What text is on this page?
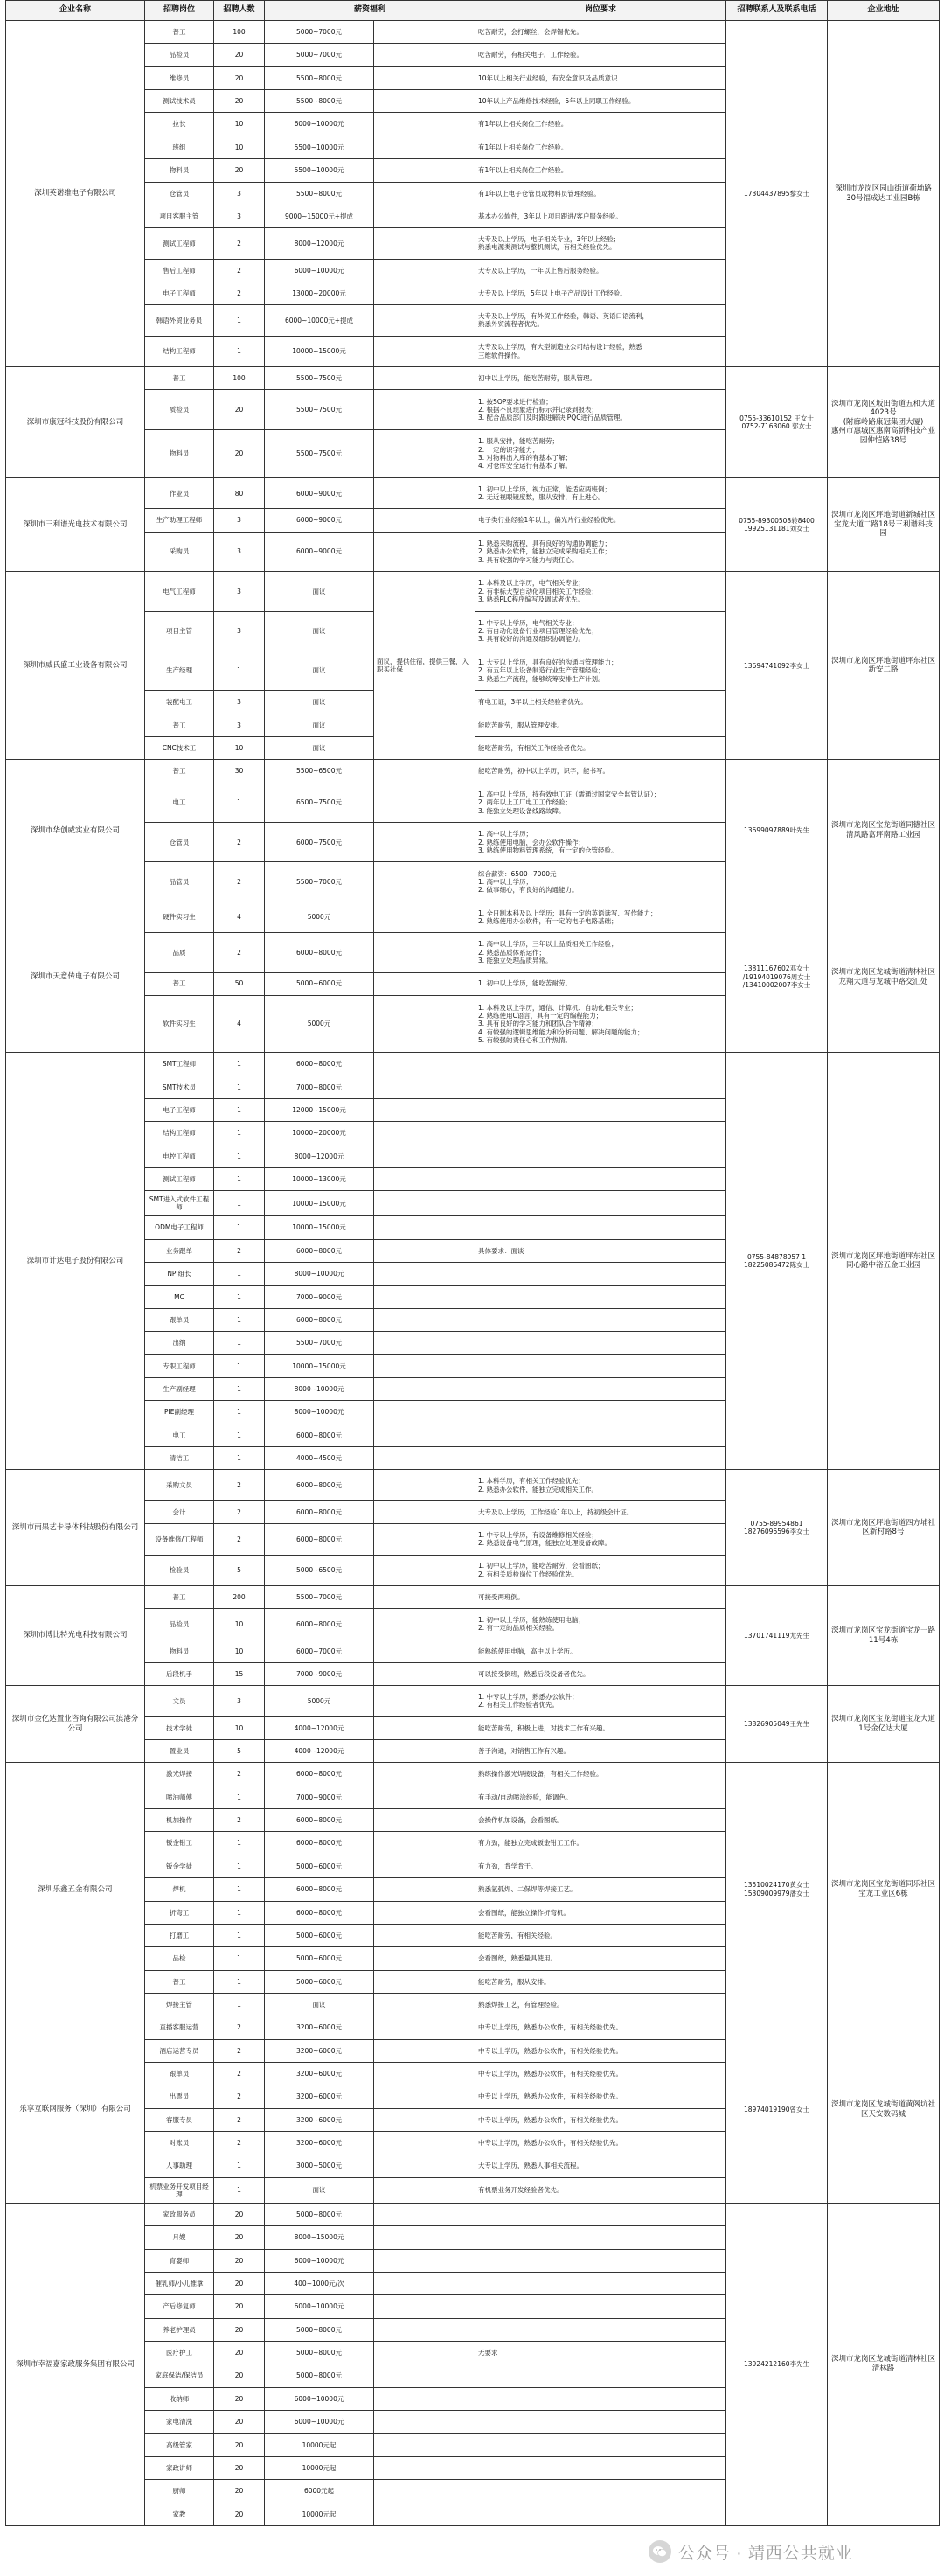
企业名称	招聘岗位	招聘人数	薪资福利		岗位要求	招聘联系人及联系电话	企业地址
深圳英诺维电子有限公司	普工	100	5000~7000元		吃苦耐劳，会打螺丝，会焊锡优先。	17304437895黎女士	深圳市龙岗区园山街道荷坳路30号福成达工业园B栋
	品检员	20	5000~7000元		吃苦耐劳，有相关电子厂工作经验。		

	维修员	20	5500~8000元		10年以上相关行业经验，有安全意识及品质意识		

	测试技术员	20	5500~8000元		10年以上产品维修技术经验，5年以上同职工作经验。		

	拉长	10	6000~10000元		有1年以上相关岗位工作经验。		

	班组	10	5500~10000元		有1年以上相关岗位工作经验。		

	物料员	20	5500~10000元		有1年以上相关岗位工作经验。		

	仓管员	3	5500~8000元		有1年以上电子仓管员或物料员管理经验。		

	项目客服主管	3	9000~15000元+提成		基本办公软件，3年以上项目跟进/客户服务经验。		

	测试工程师	2	8000~12000元		大专及以上学历，电子相关专业，3年以上经验；
熟悉电源类测试与整机测试，有相关经验优先。		

	售后工程师	2	6000~10000元		大专及以上学历，一年以上售后服务经验。		

	电子工程师	2	13000~20000元		大专及以上学历，5年以上电子产品设计工作经验。		

	韩语外贸业务员	1	6000~10000元+提成		大专及以上学历，有外贸工作经验，韩语、英语口语流利，
熟悉外贸流程者优先。		

	结构工程师	1	10000~15000元		大专及以上学历，有大型制造业公司结构设计经验，熟悉
三维软件操作。		

深圳市康冠科技股份有限公司	普工	100	5500~7500元		初中以上学历，能吃苦耐劳，服从管理。	0755-33610152 王女士
0752-7163060 郭女士	深圳市龙岗区坂田街道五和大道4023号
(附廊岭路康冠集团大厦)
惠州市惠城区惠南高新科技产业园仲恺路38号
	质检员	20	5500~7500元		1. 按SOP要求进行检查；
2. 根据不良现象进行标示并记录到报表；
3. 配合品质部门及时跟进解决IPQC进行品质管理。		

	物料员	20	5500~7500元		1. 服从安排，能吃苦耐劳；
2. 一定的识字能力；
3. 对物料出入库的有基本了解；
4. 对仓库安全运行有基本了解。		

深圳市三利谱光电技术有限公司	作业员	80	6000~9000元		1. 初中以上学历，视力正常，能适应两班倒；
2. 无近视眼镜度数，服从安排，有上进心。	0755-89300508转8400
19925131181刘女士	深圳市龙岗区坪地街道新城社区宝龙大道二路18号三利谱科技园
	生产助理工程师	3	6000~9000元		电子类行业经验1年以上，偏光片行业经验优先。		

	采购员	3	6000~9000元		1. 熟悉采购流程，具有良好的沟通协调能力；
2. 熟悉办公软件，能独立完成采购相关工作；
3. 具有较强的学习能力与责任心。		

深圳市威氏盛工业设备有限公司	电气工程师	3	面议	面议，提供住宿，提供三餐，入职买社保	1. 本科及以上学历，电气相关专业；
2. 有非标大型自动化项目相关工作经验；
3. 熟悉PLC程序编写及调试者优先。	13694741092李女士	深圳市龙岗区坪地街道坪东社区新安二路
	项目主管	3	面议		1. 中专以上学历，电气相关专业；
2. 有自动化设备行业项目管理经验优先；
3. 具有较好的沟通及组织协调能力。		

	生产经理	1	面议		1. 大专以上学历，具有良好的沟通与管理能力；
2. 有五年以上设备制造行业生产管理经验；
3. 熟悉生产流程，能够统筹安排生产计划。		

	装配电工	3	面议		有电工证，3年以上相关经验者优先。		

	普工	3	面议		能吃苦耐劳，服从管理安排。		

	CNC技术工	10	面议		能吃苦耐劳，有相关工作经验者优先。		

深圳市华创威实业有限公司	普工	30	5500~6500元		能吃苦耐劳，初中以上学历，识字，能书写。	13699097889叶先生	深圳市龙岗区宝龙街道同德社区清风路富坪南路工业园
	电工	1	6500~7500元		1. 高中以上学历，持有效电工证（需通过国家安全监管认证）；
2. 两年以上工厂电工工作经验；
3. 能独立处理设备线路故障。		

	仓管员	2	6000~7500元		1. 高中以上学历；
2. 熟练使用电脑，会办公软件操作；
3. 熟练使用物料管理系统，有一定的仓管经验。		

	品管员	2	5500~7000元		综合薪资：6500~7000元
1. 高中以上学历；
2. 做事细心，有良好的沟通能力。		

深圳市天意传电子有限公司	硬件实习生	4	5000元		1. 全日制本科及以上学历；具有一定的英语读写、写作能力；
2. 熟练使用办公软件，有一定的电子电路基础；	13811167602邓女士
/19194019076周女士
/13410002007李女士	深圳市龙岗区龙城街道清林社区龙翔大道与龙城中路交汇处
	品质	2	6000~8000元		1. 高中以上学历，三年以上品质相关工作经验；
2. 熟悉品质体系运作；
3. 能独立处理品质异常。		

	普工	50	5000~6000元		1. 初中以上学历，能吃苦耐劳。		

	软件实习生	4	5000元		1. 本科及以上学历，通信、计算机、自动化相关专业；
2. 熟练使用C语言，具有一定的编程能力；
3. 具有良好的学习能力和团队合作精神；
4. 有较强的逻辑思维能力和分析问题、解决问题的能力；
5. 有较强的责任心和工作热情。		

深圳市计达电子股份有限公司	SMT工程师	1	6000~8000元			0755-84878957 1
18225086472陈女士	深圳市龙岗区坪地街道坪东社区同心路中裕五金工业园
	SMT技术员	1	7000~8000元				

	电子工程师	1	12000~15000元				

	结构工程师	1	10000~20000元				

	电控工程师	1	8000~12000元				

	测试工程师	1	10000~13000元				

	SMT进入式软件工程师	1	10000~15000元				

	ODM电子工程师	1	10000~15000元				

	业务跟单	2	6000~8000元		具体要求：面谈		

	NPI组长	1	8000~10000元				

	MC	1	7000~9000元				

	跟单员	1	6000~8000元				

	出纳	1	5500~7000元				

	专职工程师	1	10000~15000元				

	生产副经理	1	8000~10000元				

	PIE副经理	1	8000~10000元				

	电工	1	6000~8000元				

	清洁工	1	4000~4500元				

深圳市雨果艺卡导体科技股份有限公司	采购文员	2	6000~8000元		1. 本科学历，有相关工作经验优先；
2. 熟悉办公软件，能独立完成相关工作。	0755-89954861
18276096596李女士	深圳市龙岗区坪地街道四方埔社区新村路8号
	会计	2	6000~8000元		大专及以上学历，工作经验1年以上，持初级会计证。		

	设备维修/工程师	2	6000~8000元		1. 中专以上学历，有设备维修相关经验；
2. 熟悉设备电气原理，能独立处理设备故障。		

	检验员	5	5000~6500元		1. 初中以上学历，能吃苦耐劳，会看图纸；
2. 有相关质检岗位工作经验优先。		

深圳市博比特光电科技有限公司	普工	200	5500~7000元		可接受两班倒。	13701741119尤先生	深圳市龙岗区宝龙街道宝龙一路11号4栋
	品检员	10	6000~8000元		1. 初中以上学历，能熟练使用电脑；
2. 有一定的品质相关经验。		

	物料员	10	6000~7000元		能熟练使用电脑，高中以上学历。		

	后段机手	15	7000~9000元		可以接受倒班，熟悉后段设备者优先。		

深圳市金亿达置业咨询有限公司滨港分公司	文员	3	5000元		1. 中专以上学历，熟悉办公软件；
2. 有相关工作经验者优先。	13826905049王先生	深圳市龙岗区宝龙街道宝龙大道1号金亿达大厦
	技术学徒	10	4000~12000元		能吃苦耐劳，积极上进，对技术工作有兴趣。		

	置业员	5	4000~12000元		善于沟通，对销售工作有兴趣。		

深圳乐鑫五金有限公司	激光焊接	2	6000~8000元		熟练操作激光焊接设备，有相关工作经验。	13510024170黄女士
15309009979潘女士	深圳市龙岗区宝龙街道同乐社区宝龙工业区6栋
	喷油师傅	1	7000~9000元		有手动/自动喷涂经验，能调色。		

	机加操作	2	6000~8000元		会操作机加设备，会看图纸。		

	钣金钳工	1	6000~8000元		有力劲，能独立完成钣金钳工工作。		

	钣金学徒	1	5000~6000元		有力劲，肯学肯干。		

	焊机	1	6000~8000元		熟悉氩弧焊、二保焊等焊接工艺。		

	折弯工	1	6000~8000元		会看图纸，能独立操作折弯机。		

	打磨工	1	5000~6000元		能吃苦耐劳，有相关经验。		

	品检	1	5000~6000元		会看图纸，熟悉量具使用。		

	普工	1	5000~6000元		能吃苦耐劳，服从安排。		

	焊接主管	1	面议		熟悉焊接工艺，有管理经验。		

乐享互联网服务（深圳）有限公司	直播客服运营	2	3200~6000元		中专以上学历，熟悉办公软件，有相关经验优先。	18974019190曾女士	深圳市龙岗区龙城街道黄阁坑社区天安数码城
	酒店运营专员	2	3200~6000元		中专以上学历，熟悉办公软件，有相关经验优先。		

	跟单员	2	3200~6000元		中专以上学历，熟悉办公软件，有相关经验优先。		

	出票员	2	3200~6000元		中专以上学历，熟悉办公软件，有相关经验优先。		

	客服专员	2	3200~6000元		中专以上学历，熟悉办公软件，有相关经验优先。		

	对账员	2	3200~6000元		中专以上学历，熟悉办公软件，有相关经验优先。		

	人事助理	1	3000~5000元		大专以上学历，熟悉人事相关流程。		

	机票业务开发项目经理	1	面议		有机票业务开发经验者优先。		

深圳市幸福嘉家政服务集团有限公司	家政服务员	20	5000~8000元			13924212160李先生	深圳市龙岗区龙城街道清林社区清林路
	月嫂	20	8000~15000元				

	育婴师	20	6000~10000元				

	催乳师/小儿推拿	20	400~1000元/次				

	产后修复师	20	6000~10000元				

	养老护理员	20	5000~8000元				

	医疗护工	20	5000~8000元		无要求		

	家庭保洁/保洁员	20	5000~8000元				

	收纳师	20	6000~10000元				

	家电清洗	20	6000~10000元				

	高级管家	20	10000元起				

	家政讲师	20	10000元起				

	厨师	20	6000元起				

	家教	20	10000元起				
公众号 · 靖西公共就业
